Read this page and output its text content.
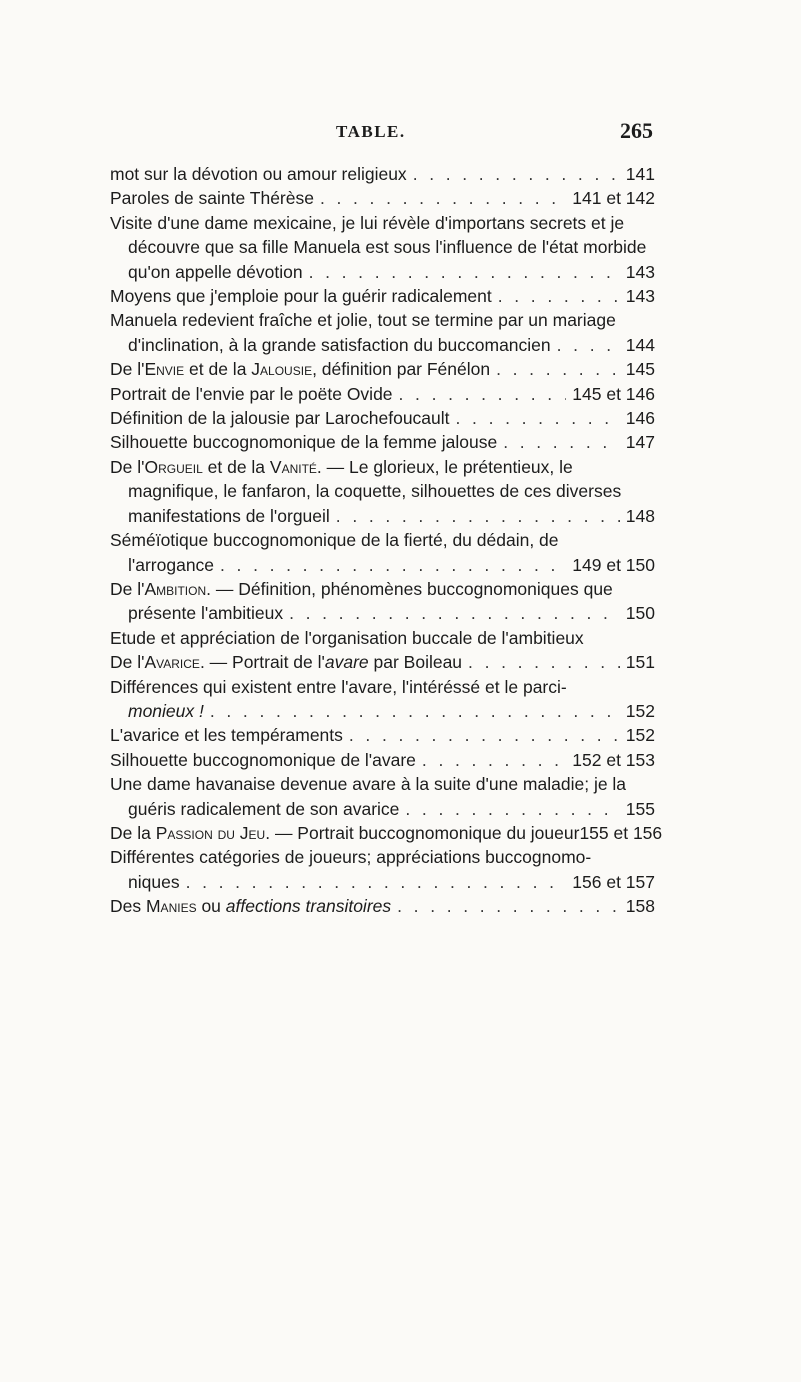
TABLE.	265
mot sur la dévotion ou amour religieux . . .	141
Paroles de sainte Thérèse . . .	141 et 142
Visite d'une dame mexicaine, je lui révèle d'importans secrets et je
découvre que sa fille Manuela est sous l'influence de l'état morbide
qu'on appelle dévotion . . .	143
Moyens que j'emploie pour la guérir radicalement . . .	143
Manuela redevient fraîche et jolie, tout se termine par un mariage
d'inclination, à la grande satisfaction du buccomancien . . .	144
De l'Envie et de la Jalousie, définition par Fénélon . . .	145
Portrait de l'envie par le poëte Ovide . . .	145 et 146
Définition de la jalousie par Larochefoucault . . .	146
Silhouette buccognomonique de la femme jalouse . . .	147
De l'Orgueil et de la Vanité. — Le glorieux, le prétentieux, le
magnifique, le fanfaron, la coquette, silhouettes de ces diverses
manifestations de l'orgueil . . .	148
Séméïotique buccognomonique de la fierté, du dédain, de
l'arrogance . . .	149 et 150
De l'Ambition. — Définition, phénomènes buccognomoniques que
présente l'ambitieux . . .	150
Etude et appréciation de l'organisation buccale de l'ambitieux
De l'Avarice. — Portrait de l'avare par Boileau . . .	151
Différences qui existent entre l'avare, l'intéréssé et le parci-
monieux ! . . .	152
L'avarice et les tempéraments . . .	152
Silhouette buccognomonique de l'avare . . .	152 et 153
Une dame havanaise devenue avare à la suite d'une maladie; je la
guéris radicalement de son avarice . . .	155
De la Passion du Jeu. — Portrait buccognomonique du joueur 155 et 156
Différentes catégories de joueurs; appréciations buccognomo-
niques . . .	156 et 157
Des Manies ou affections transitoires . . .	158
